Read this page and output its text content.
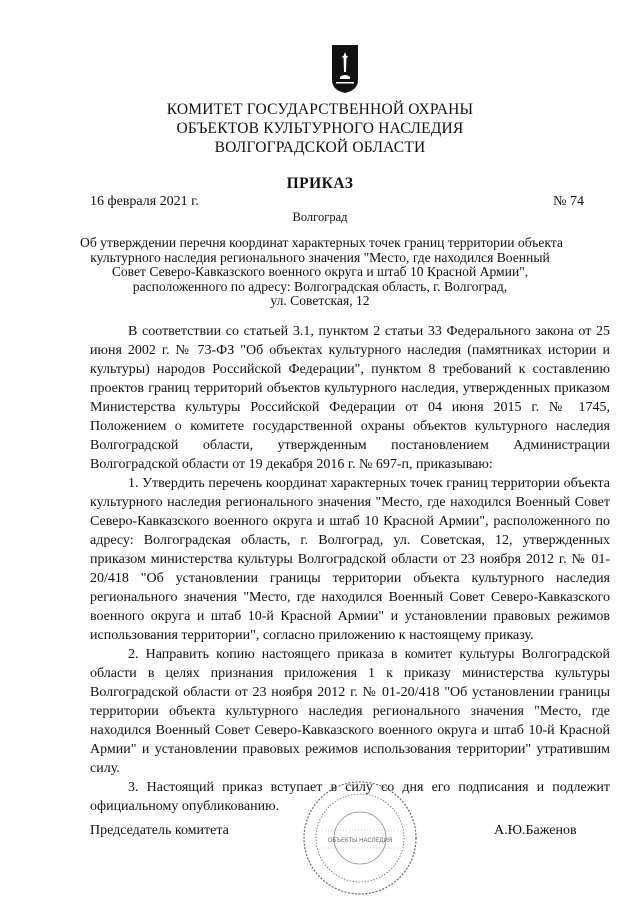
КОМИТЕТ ГОСУДАРСТВЕННОЙ ОХРАНЫ
ОБЪЕКТОВ КУЛЬТУРНОГО НАСЛЕДИЯ
ВОЛГОГРАДСКОЙ ОБЛАСТИ
ПРИКАЗ
16 февраля 2021 г.	№ 74
Волгоград
Об утверждении перечня координат характерных точек границ территории объекта
культурного наследия регионального значения "Место, где находился Военный
Совет Северо-Кавказского военного округа и штаб 10 Красной Армии",
расположенного по адресу: Волгоградская область, г. Волгоград,
ул. Советская, 12

В соответствии со статьей 3.1, пунктом 2 статьи 33 Федерального закона от 25 июня 2002 г. № 73-ФЗ "Об объектах культурного наследия (памятниках истории и культуры) народов Российской Федерации", пунктом 8 требований к составлению проектов границ территорий объектов культурного наследия, утвержденных приказом Министерства культуры Российской Федерации от 04 июня 2015 г. № 1745, Положением о комитете государственной охраны объектов культурного наследия Волгоградской области, утвержденным постановлением Администрации Волгоградской области от 19 декабря 2016 г. № 697-п, приказываю:

1. Утвердить перечень координат характерных точек границ территории объекта культурного наследия регионального значения "Место, где находился Военный Совет Северо-Кавказского военного округа и штаб 10 Красной Армии", расположенного по адресу: Волгоградская область, г. Волгоград, ул. Советская, 12, утвержденных приказом министерства культуры Волгоградской области от 23 ноября 2012 г. № 01-20/418 "Об установлении границы территории объекта культурного наследия регионального значения "Место, где находился Военный Совет Северо-Кавказского военного округа и штаб 10-й Красной Армии" и установлении правовых режимов использования территории", согласно приложению к настоящему приказу.

2. Направить копию настоящего приказа в комитет культуры Волгоградской области в целях признания приложения 1 к приказу министерства культуры Волгоградской области от 23 ноября 2012 г. № 01-20/418 "Об установлении границы территории объекта культурного наследия регионального значения "Место, где находился Военный Совет Северо-Кавказского военного округа и штаб 10-й Красной Армии" и установлении правовых режимов использования территории" утратившим силу.

3. Настоящий приказ вступает в силу со дня его подписания и подлежит официальному опубликованию.

ОБЪЕКТЫ НАСЛЕДИЯ
Председатель комитета	А.Ю.Баженов
